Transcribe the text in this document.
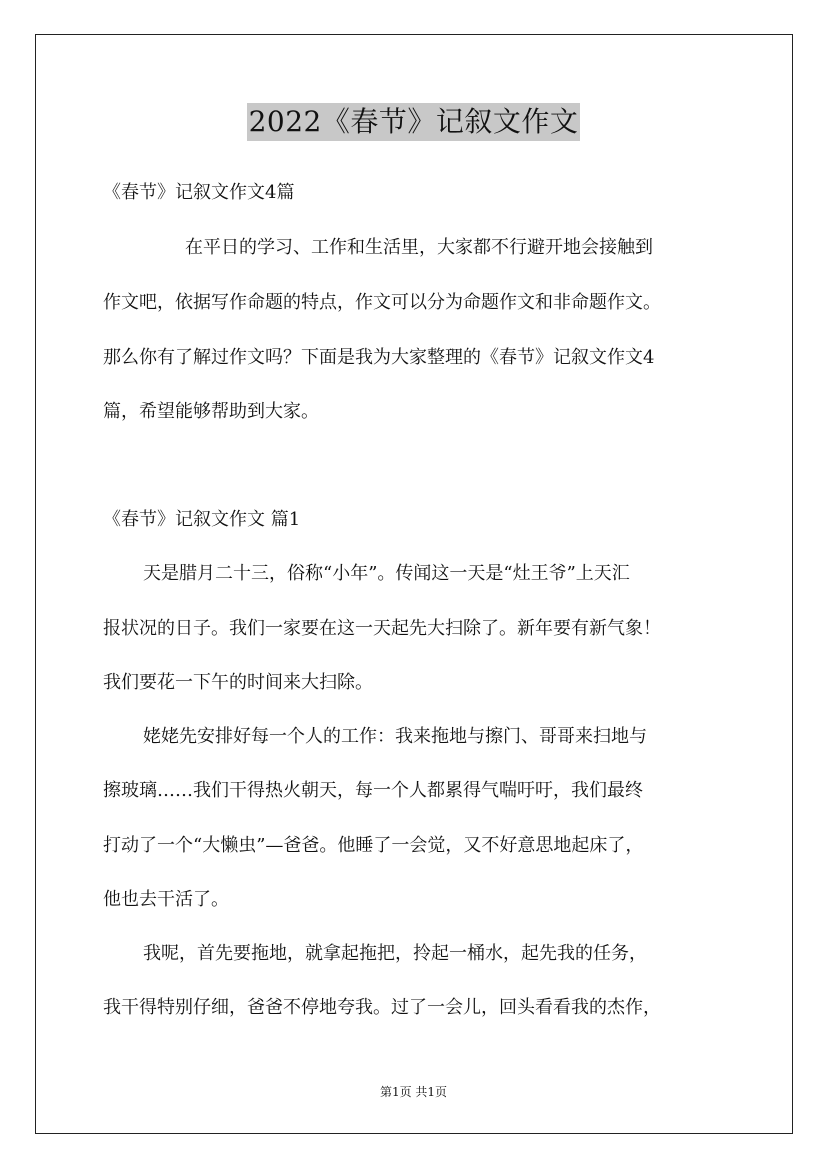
2022《春节》记叙文作文
《春节》记叙文作文4篇
在平日的学习、工作和生活里，大家都不行避开地会接触到
作文吧，依据写作命题的特点，作文可以分为命题作文和非命题作文。
那么你有了解过作文吗？下面是我为大家整理的《春节》记叙文作文4
篇，希望能够帮助到大家。
《春节》记叙文作文 篇1
天是腊月二十三，俗称“小年”。传闻这一天是“灶王爷”上天汇
报状况的日子。我们一家要在这一天起先大扫除了。新年要有新气象！
我们要花一下午的时间来大扫除。
姥姥先安排好每一个人的工作：我来拖地与擦门、哥哥来扫地与
擦玻璃……我们干得热火朝天，每一个人都累得气喘吁吁，我们最终
打动了一个“大懒虫”—爸爸。他睡了一会觉，又不好意思地起床了，
他也去干活了。
我呢，首先要拖地，就拿起拖把，拎起一桶水，起先我的任务，
我干得特别仔细，爸爸不停地夸我。过了一会儿，回头看看我的杰作，
第1页 共1页
